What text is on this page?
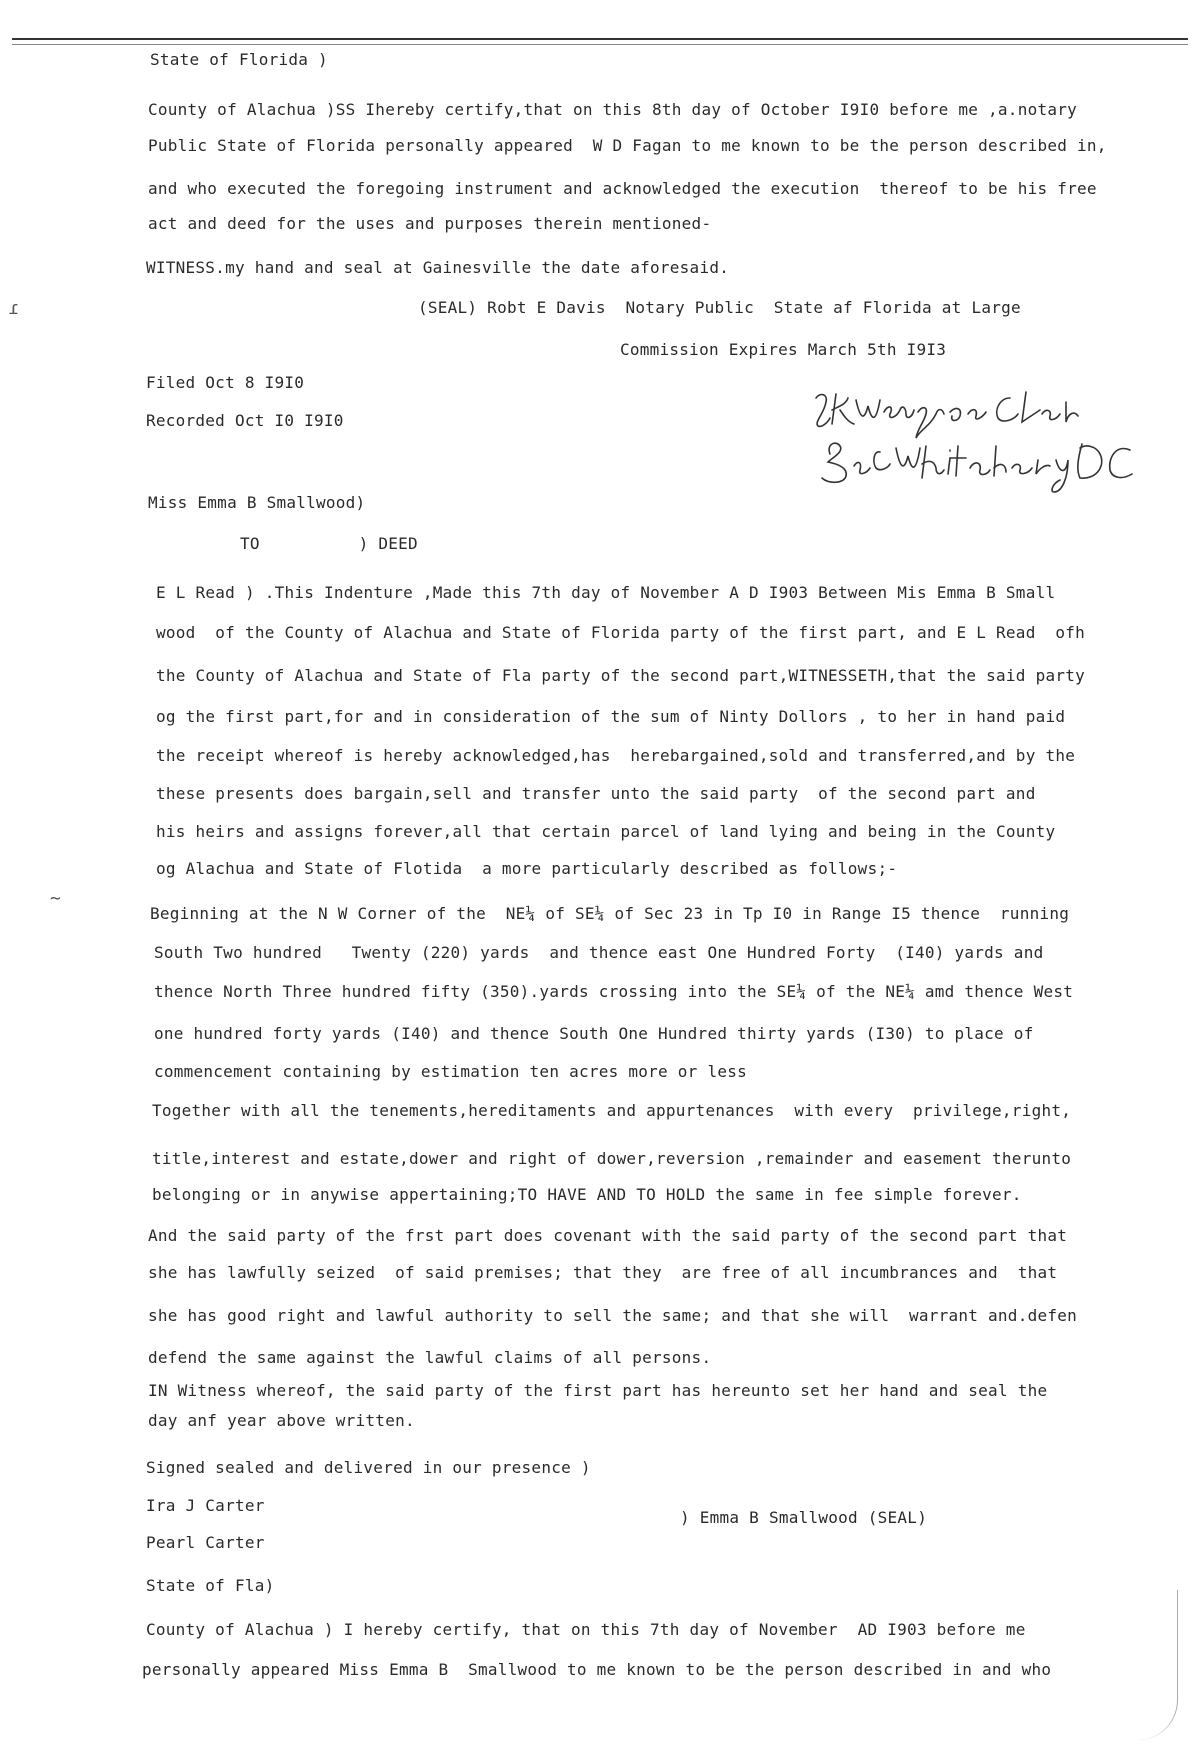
ɾ
~
State of Florida )
County of Alachua )SS Ihereby certify,that on this 8th day of October I9I0 before me ,a.notary
Public State of Florida personally appeared  W D Fagan to me known to be the person described in,
and who executed the foregoing instrument and acknowledged the execution  thereof to be his free
act and deed for the uses and purposes therein mentioned-
WITNESS.my hand and seal at Gainesville the date aforesaid.
(SEAL) Robt E Davis  Notary Public  State af Florida at Large
Commission Expires March 5th I9I3
Filed Oct 8 I9I0
Recorded Oct I0 I9I0
Miss Emma B Smallwood)
TO          ) DEED
E L Read ) .This Indenture ,Made this 7th day of November A D I903 Between Mis Emma B Small
wood  of the County of Alachua and State of Florida party of the first part, and E L Read  ofh
the County of Alachua and State of Fla party of the second part,WITNESSETH,that the said party
og the first part,for and in consideration of the sum of Ninty Dollors , to her in hand paid
the receipt whereof is hereby acknowledged,has  herebargained,sold and transferred,and by the
these presents does bargain,sell and transfer unto the said party  of the second part and
his heirs and assigns forever,all that certain parcel of land lying and being in the County
og Alachua and State of Flotida  a more particularly described as follows;-
Beginning at the N W Corner of the  NE¼ of SE¼ of Sec 23 in Tp I0 in Range I5 thence  running
South Two hundred   Twenty (220) yards  and thence east One Hundred Forty  (I40) yards and
thence North Three hundred fifty (350).yards crossing into the SE¼ of the NE¼ amd thence West
one hundred forty yards (I40) and thence South One Hundred thirty yards (I30) to place of
commencement containing by estimation ten acres more or less
Together with all the tenements,hereditaments and appurtenances  with every  privilege,right,
title,interest and estate,dower and right of dower,reversion ,remainder and easement therunto
belonging or in anywise appertaining;TO HAVE AND TO HOLD the same in fee simple forever.
And the said party of the frst part does covenant with the said party of the second part that
she has lawfully seized  of said premises; that they  are free of all incumbrances and  that
she has good right and lawful authority to sell the same; and that she will  warrant and.defen
defend the same against the lawful claims of all persons.
IN Witness whereof, the said party of the first part has hereunto set her hand and seal the
day anf year above written.
Signed sealed and delivered in our presence )
Ira J Carter
) Emma B Smallwood (SEAL)
Pearl Carter
State of Fla)
County of Alachua ) I hereby certify, that on this 7th day of November  AD I903 before me
personally appeared Miss Emma B  Smallwood to me known to be the person described in and who
J H Wreinges Clerk By E Whitehead DC
